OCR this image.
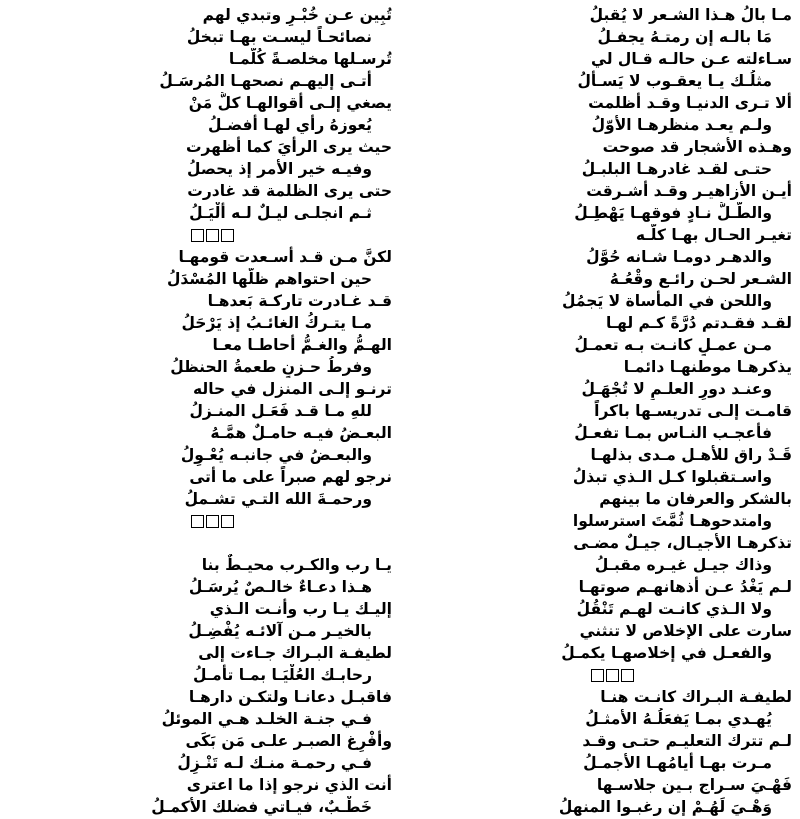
مـا بالُ هـذا الشـعر لا يُقبلُ
مَا بالـه إن رمتـهُ يجفـلُ
سـاءلته عـن حالـه قـال لي
مثلُـك يـا يعقـوب لا يَسـألُ
ألا تـرى الدنيـا وقـد أظلمت
ولـم يعـد منظرهـا الأوّلُ
وهـذه الأشجار قد صوحت
حتـى لقـد غادرهـا البلبـلُ
أيـن الأزاهيـر وقـد أشـرقت
والطّـلُّ نـادٍ فوقهـا يَهْطِـلُ
تغيـر الحـال بهـا كلّـه
والدهـر دومـا شـانه حُوَّلُ
الشـعر لحـن رائـع وقْعُـهُ
واللحن في المأساة لا يَجمُلُ
لقـد فقـدتم دُرَّةً كـم لهـا
مـن عمـلٍ كانـت بـه تعمـلُ
يذكرهـا موطنهـا دائمـا
وعنـد دورِ العلـمِ لا تُجْهَـلُ
قامـت إلـى تدريسـها باكراً
فأعجـب النـاس بمـا تفعـلُ
قَـدْ راق للأهـل مـدى بذلهـا
واسـتقبلوا كـل الـذي تبذلُ
بالشكر والعرفان ما بينهم
وامتدحوهـا ثُمَّتَ استرسلوا
تذكرهـا الأجيـال، جيـلٌ مضـى
وذاك جيـل غيـره مقبـلُ
لـم يَغْدُ عـن أذهانهـم صوتهـا
ولا الـذي كانـت لهـم تَنْقُلُ
سارت على الإخلاص لا تنثني
والفعـل في إخلاصهـا يكمـلُ
لطيفـة البـراك كانـت هنـا
يُهـدي بمـا يَفعَلُـهُ الأمثـلُ
لـم تترك التعليـم حتـى وقـد
مـرت بهـا أيامُهـا الأجمـلُ
فَهْـيَ سـراج بـين جلاسـها
وَهْـيَ لَهُـمْ إن رغبـوا المنهلُ
تُبِين عـن خُبْـرٍ وتبدي لهم
نصائحـاً ليسـت بهـا تبخلُ
تُرسـلها مخلصـةً كُلَّمـا
أتـى إليهـم نصحهـا المُرسَـلُ
يصغي إلـى أقوالهـا كلُّ مَنْ
يُعوزهُ رأي لهـا أفضـلُ
حيث يرى الرأيَ كما أظهرت
وفيـه خير الأمر إذ يحصلُ
حتى يرى الظلمة قد غادرت
ثـم انجلـى ليـلٌ لـه ألْيَـلُ
لكنَّ مـن قـد أسـعدت قومهـا
حين احتواهم ظلُّها المُسْدَلُ
قـد غـادرت تاركـة بَعدهـا
مـا يتـركُ الغائـبُ إذ يَرْحَلُ
الهـمُّ والغـمُّ أحاطـا معـا
وفرطُ حـزنٍ طعمةُ الحنظلُ
ترنـو إلـى المنزل في حاله
للهِ مـا قـد فَعَـل المنـزلُ
البعـضُ فيـه حامـلٌ همَّـهُ
والبعـضُ في جانبـه يُعْـوِلُ
نرجو لهم صبراً على ما أتى
ورحمـةَ الله التـي تشـملُ
يـا رب والكـرب محيـطٌ بنا
هـذا دعـاءٌ خالـصٌ يُرسَـلُ
إليـك يـا رب وأنـت الـذي
بالخيـر مـن آلائـه يُفْضِـلُ
لطيفـة البـراك جـاءت إلى
رحابـك العُلْيَـا بمـا تأمـلُ
فاقبـل دعانـا ولتكـن دارهـا
فـي جنـة الخلـد هـي الموئلُ
وأَفْرِغ الصبـر علـى مَن بَكَى
فـي رحمـة منـك لـه تَنْـزِلُ
أنت الذي نرجو إذا ما اعترى
خَطْـبٌ، فيـاتي فضلك الأكمـلُ
